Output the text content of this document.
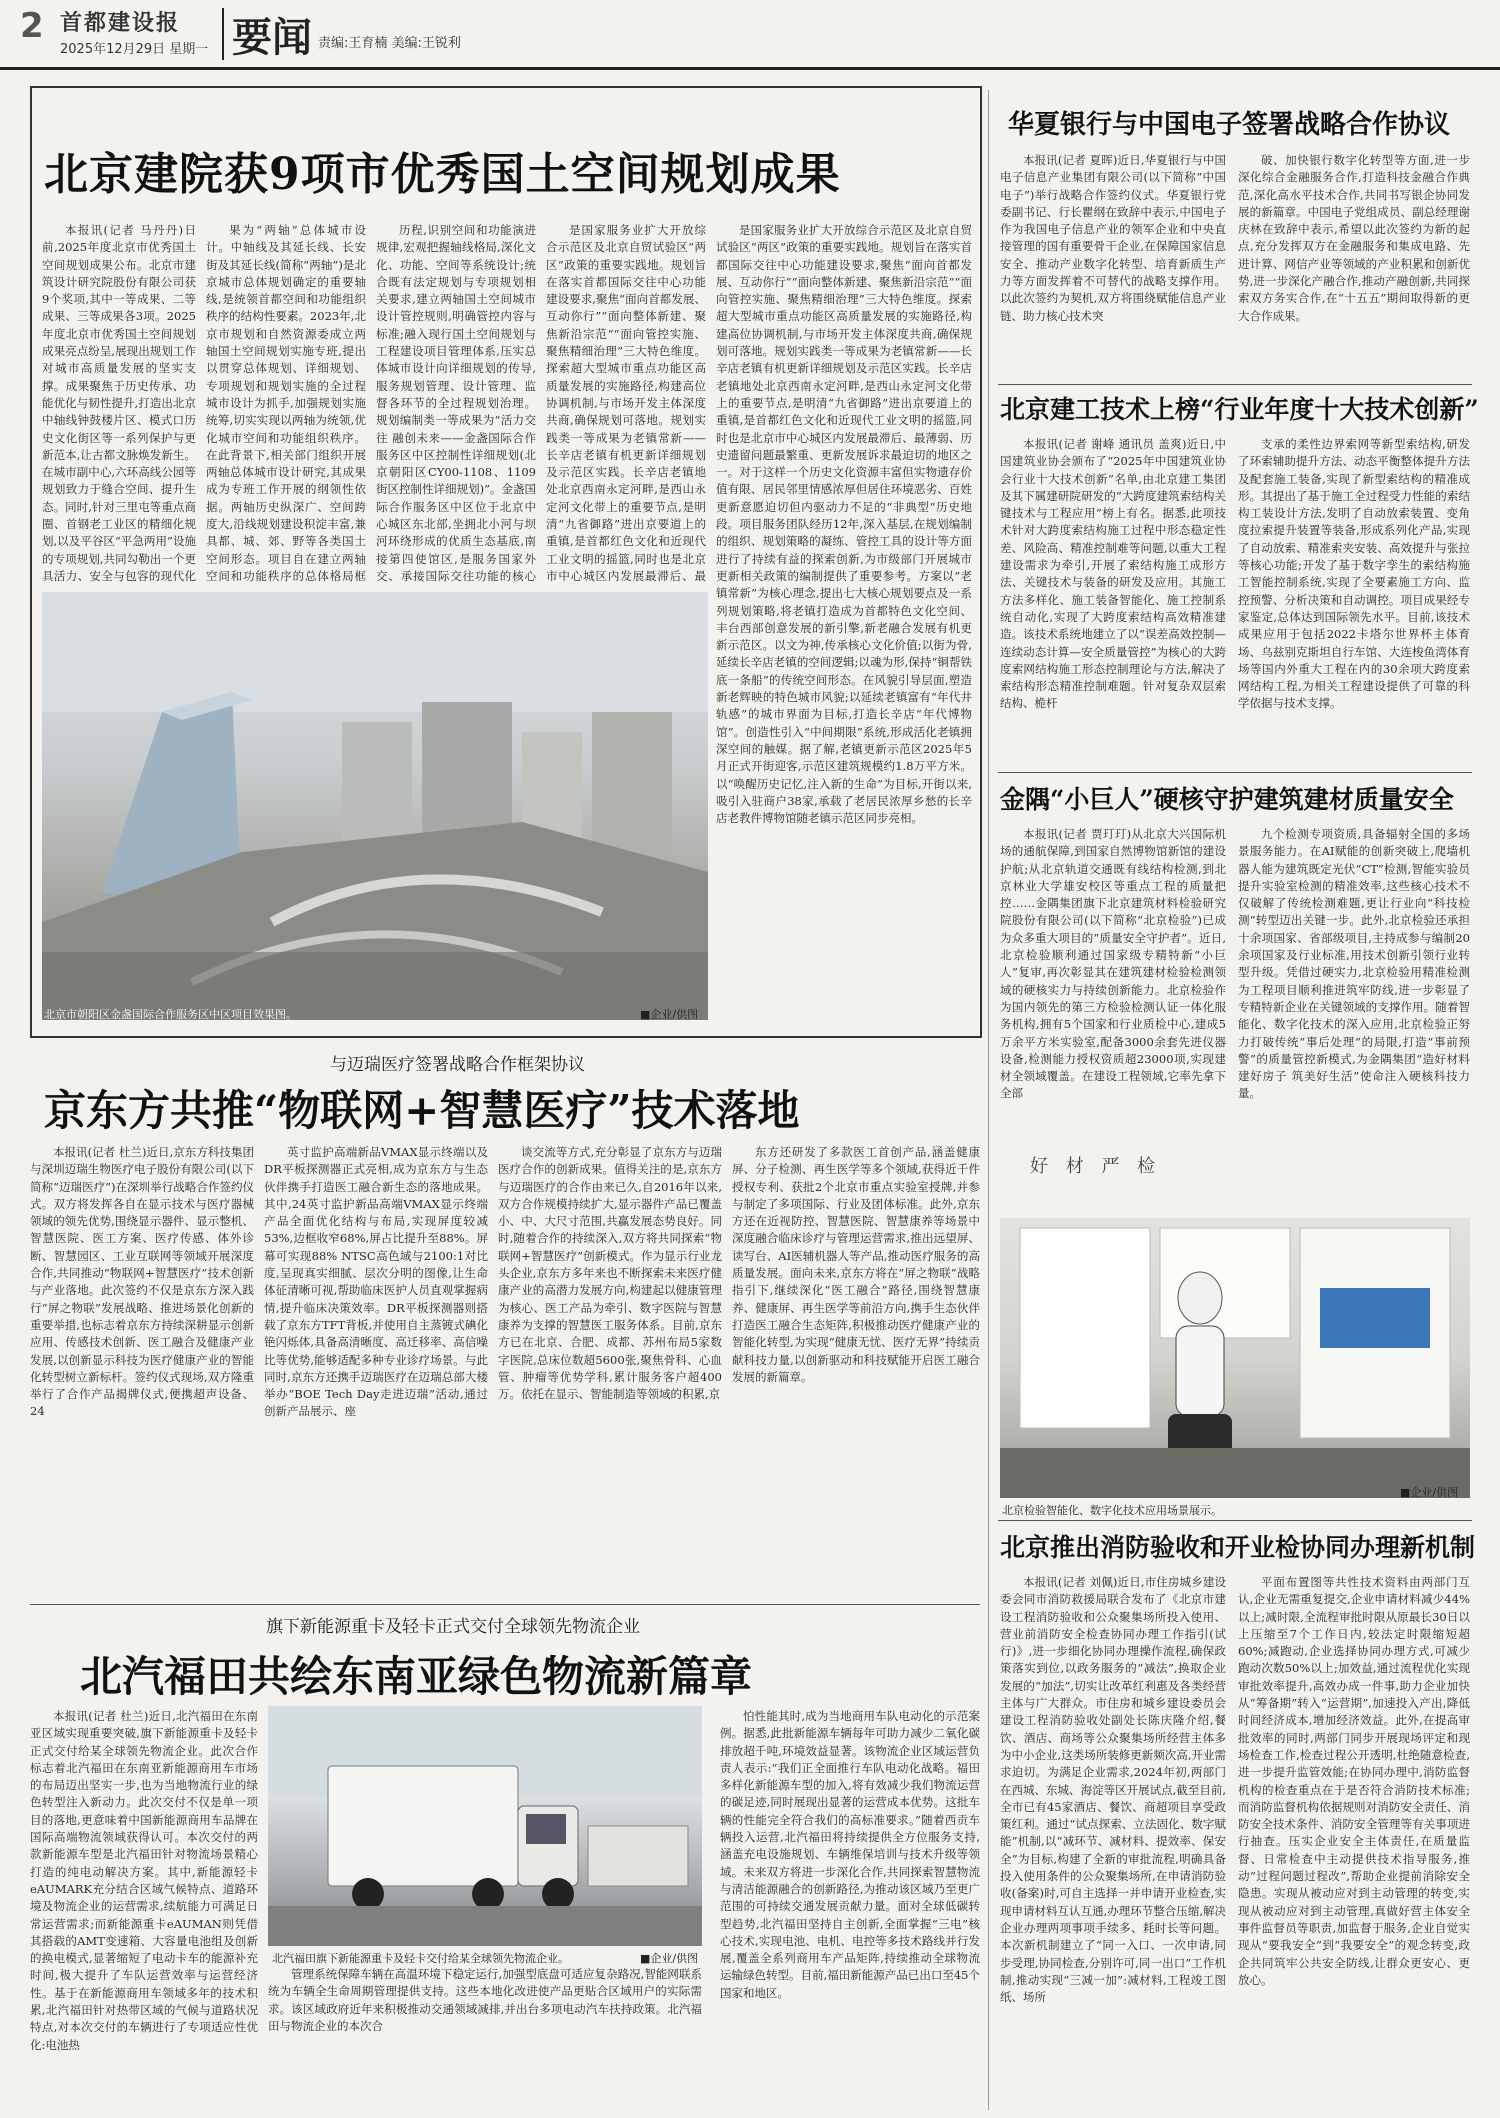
2 首都建设报
2025年12月29日 星期一 要闻 责编:王育楠 美编:王锐利
北京建院获9项市优秀国土空间规划成果

本报讯(记者 马丹丹)日前,2025年度北京市优秀国土空间规划成果公布。北京市建筑设计研究院股份有限公司获9个奖项,其中一等成果、二等成果、三等成果各3项。2025年度北京市优秀国土空间规划成果亮点纷呈,展现出规划工作对城市高质量发展的坚实支撑。成果聚焦于历史传承、功能优化与韧性提升,打造出北京中轴线钟鼓楼片区、模式口历史文化街区等一系列保护与更新范本,让古都文脉焕发新生。在城市副中心,六环高线公园等规划致力于缝合空间、提升生态。同时,针对三里屯等重点商圈、首钢老工业区的精细化规划,以及平谷区“平急两用”设施的专项规划,共同勾勒出一个更具活力、安全与包容的现代化

果为“两轴”总体城市设计。中轴线及其延长线、长安街及其延长线(简称“两轴”)是北京城市总体规划确定的重要轴线,是统领首都空间和功能组织秩序的结构性要素。2023年,北京市规划和自然资源委成立两轴国土空间规划实施专班,提出以贯穿总体规划、详细规划、专项规划和规划实施的全过程城市设计为抓手,加强规划实施统筹,切实实现以两轴为统领,优化城市空间和功能组织秩序。在此背景下,相关部门组织开展两轴总体城市设计研究,其成果成为专班工作开展的纲领性依据。两轴历史纵深广、空间跨度大,沿线规划建设积淀丰富,兼具都、城、郊、野等各类国土空间形态。项目自在建立两轴空间和功能秩序的总体格局框

历程,识别空间和功能演进规律,宏观把握轴线格局,深化文化、功能、空间等系统设计;统合既有法定规划与专项规划相关要求,建立两轴国土空间城市设计管控规则,明确管控内容与标准;融入现行国土空间规划与工程建设项目管理体系,压实总体城市设计向详细规划的传导,服务规划管理、设计管理、监督各环节的全过程规划治理。规划编制类一等成果为“活力交往 融创未来——金盏国际合作服务区中区控制性详细规划(北京朝阳区CY00-1108、1109街区控制性详细规划)”。金盏国际合作服务区中区位于北京中心城区东北部,坐拥北小河与坝河环绕形成的优质生态基底,南接第四使馆区,是服务国家外交、承接国际交往功能的核心

是国家服务业扩大开放综合示范区及北京自贸试验区“两区”政策的重要实践地。规划旨在落实首都国际交往中心功能建设要求,聚焦“面向首都发展、互动你行”“面向整体新建、聚焦新沿宗范”“面向管控实施、聚焦精细治理”三大特色维度。探索超大型城市重点功能区高质量发展的实施路径,构建高位协调机制,与市场开发主体深度共商,确保规划可落地。规划实践类一等成果为老镇常新——长辛店老镇有机更新详细规划及示范区实践。长辛店老镇地处北京西南永定河畔,是西山永定河文化带上的重要节点,是明清“九省御路”进出京要道上的重镇,是首都红色文化和近现代工业文明的摇篮,同时也是北京市中心城区内发展最滞后、最

是国家服务业扩大开放综合示范区及北京自贸试验区“两区”政策的重要实践地。规划旨在落实首都国际交往中心功能建设要求,聚焦“面向首都发展、互动你行”“面向整体新建、聚焦新沿宗范”“面向管控实施、聚焦精细治理”三大特色维度。探索超大型城市重点功能区高质量发展的实施路径,构建高位协调机制,与市场开发主体深度共商,确保规划可落地。规划实践类一等成果为老镇常新——长辛店老镇有机更新详细规划及示范区实践。长辛店老镇地处北京西南永定河畔,是西山永定河文化带上的重要节点,是明清“九省御路”进出京要道上的重镇,是首都红色文化和近现代工业文明的摇篮,同时也是北京市中心城区内发展最滞后、最薄弱、历史遗留问题最繁重、更新发展诉求最迫切的地区之一。对于这样一个历史文化资源丰富但实物遗存价值有限、居民邻里情感浓厚但居住环境恶劣、百姓更新意愿迫切但内驱动力不足的“非典型”历史地段。项目服务团队经历12年,深入基层,在规划编制的组织、规划策略的凝练、管控工具的设计等方面进行了持续有益的探索创新,为市级部门开展城市更新相关政策的编制提供了重要参考。方案以“老镇常新”为核心理念,提出七大核心规划要点及一系列规划策略,将老镇打造成为首都特色文化空间、丰台西部创意发展的新引擎,新老融合发展有机更新示范区。以文为神,传承核心文化价值;以街为骨,延续长辛店老镇的空间逻辑;以魂为形,保持“铜帮铁底一条船”的传统空间形态。在风貌引导层面,塑造新老辉映的特色城市风貌;以延续老镇富有“年代井轨感”的城市界面为目标,打造长辛店“年代博物馆”。创造性引入“中间期限”系统,形成活化老镇拥深空间的触媒。据了解,老镇更新示范区2025年5月正式开街迎客,示范区建筑规模约1.8万平方米。以“唤醒历史记忆,注入新的生命”为目标,开街以来,吸引入驻商户38家,承载了老居民浓厚乡愁的长辛店老教件博物馆随老镇示范区同步亮相。

北京市朝阳区金盏国际合作服务区中区项目效果图。	■企业/供图
华夏银行与中国电子签署战略合作协议

本报讯(记者 夏晖)近日,华夏银行与中国电子信息产业集团有限公司(以下简称“中国电子”)举行战略合作签约仪式。华夏银行党委副书记、行长瞿纲在致辞中表示,中国电子作为我国电子信息产业的领军企业和中央直接管理的国有重要骨干企业,在保障国家信息安全、推动产业数字化转型、培育新质生产力等方面发挥着不可替代的战略支撑作用。以此次签约为契机,双方将围绕赋能信息产业链、助力核心技术突

破、加快银行数字化转型等方面,进一步深化综合金融服务合作,打造科技金融合作典范,深化高水平技术合作,共同书写银企协同发展的新篇章。中国电子党组成员、副总经理谢庆林在致辞中表示,希望以此次签约为新的起点,充分发挥双方在金融服务和集成电路、先进计算、网信产业等领域的产业积累和创新优势,进一步深化产融合作,推动产融创新,共同探索双方务实合作,在“十五五”期间取得新的更大合作成果。

北京建工技术上榜“行业年度十大技术创新”

本报讯(记者 谢峰 通讯员 盖爽)近日,中国建筑业协会颁布了“2025年中国建筑业协会行业十大技术创新”名单,由北京建工集团及其下属建研院研发的“大跨度建筑索结构关键技术与工程应用”榜上有名。据悉,此项技术针对大跨度索结构施工过程中形态稳定性差、风险高、精准控制难等问题,以重大工程建设需求为牵引,开展了索结构施工成形方法、关键技术与装备的研发及应用。其施工方法多样化、施工装备智能化、施工控制系统自动化,实现了大跨度索结构高效精准建造。该技术系统地建立了以“误差高效控制—连续动态计算—安全质量管控”为核心的大跨度索网结构施工形态控制理论与方法,解决了索结构形态精准控制难题。针对复杂双层索结构、桅杆

支承的柔性边界索网等新型索结构,研发了环索辅助提升方法、动态平衡整体提升方法及配套施工装备,实现了新型索结构的精准成形。其提出了基于施工全过程受力性能的索结构工装设计方法,发明了自动放索装置、变角度拉索提升装置等装备,形成系列化产品,实现了自动放索、精准索夹安装、高效提升与张拉等核心功能;开发了基于数字孪生的索结构施工智能控制系统,实现了全要素施工方向、监控预警、分析决策和自动调控。项目成果经专家鉴定,总体达到国际领先水平。目前,该技术成果应用于包括2022卡塔尔世界杯主体育场、乌兹别克斯坦自行车馆、大连梭鱼湾体育场等国内外重大工程在内的30余项大跨度索网结构工程,为相关工程建设提供了可靠的科学依据与技术支撑。

金隅“小巨人”硬核守护建筑建材质量安全

本报讯(记者 贾玎玎)从北京大兴国际机场的通航保障,到国家自然博物馆新馆的建设护航;从北京轨道交通既有线结构检测,到北京林业大学雄安校区等重点工程的质量把控……金隅集团旗下北京建筑材料检验研究院股份有限公司(以下简称“北京检验”)已成为众多重大项目的“质量安全守护者”。近日,北京检验顺利通过国家级专精特新“小巨人”复审,再次彰显其在建筑建材检验检测领域的硬核实力与持续创新能力。北京检验作为国内领先的第三方检验检测认证一体化服务机构,拥有5个国家和行业质检中心,建成5万余平方米实验室,配备3000余套先进仪器设备,检测能力授权资质超23000项,实现建材全领域覆盖。在建设工程领域,它率先拿下全部

九个检测专项资质,具备辐射全国的多场景服务能力。在AI赋能的创新突破上,爬墙机器人能为建筑既定光伏“CT”检测,智能实验员提升实验室检测的精准效率,这些核心技术不仅破解了传统检测难题,更让行业向“科技检测”转型迈出关键一步。此外,北京检验还承担十余项国家、省部级项目,主持成参与编制20余项国家及行业标准,用技术创新引领行业转型升级。凭借过硬实力,北京检验用精准检测为工程项目顺利推进筑牢防线,进一步彰显了专精特新企业在关键领域的支撑作用。随着智能化、数字化技术的深入应用,北京检验正努力打破传统“事后处理”的局限,打造“事前预警”的质量管控新模式,为金隅集团“造好材料 建好房子 筑美好生活”使命注入硬核科技力量。

好 材 严 检
北京检验智能化、数字化技术应用场景展示。
■企业/供图
北京推出消防验收和开业检协同办理新机制

本报讯(记者 刘佩)近日,市住房城乡建设委会同市消防救援局联合发布了《北京市建设工程消防验收和公众聚集场所投入使用、营业前消防安全检查协同办理工作指引(试行)》,进一步细化协同办理操作流程,确保政策落实到位,以政务服务的“减法”,换取企业发展的“加法”,切实让改革红利惠及各类经营主体与广大群众。市住房和城乡建设委员会建设工程消防验收处副处长陈庆隆介绍,餐饮、酒店、商场等公众聚集场所经营主体多为中小企业,这类场所装修更新频次高,开业需求迫切。为满足企业需求,2024年初,两部门在西城、东城、海淀等区开展试点,截至目前,全市已有45家酒店、餐饮、商超项目享受政策红利。通过“试点探索、立法固化、数字赋能”机制,以“减环节、减材料、提效率、保安全”为目标,构建了全新的审批流程,明确具备投入使用条件的公众聚集场所,在申请消防验收(备案)时,可自主选择一并申请开业检查,实现申请材料互认互通,办理环节整合压缩,解决企业办理两项事项手续多、耗时长等问题。本次新机制建立了“同一入口、一次申请,同步受理,协同检查,分别许可,同一出口”工作机制,推动实现“三减一加”:减材料,工程竣工图纸、场所

平面布置图等共性技术资料由两部门互认,企业无需重复提交,企业申请材料减少44%以上;减时限,全流程审批时限从原最长30日以上压缩至7个工作日内,较法定时限缩短超60%;减跑动,企业选择协同办理方式,可减少跑动次数50%以上;加效益,通过流程优化实现审批效率提升,高效办成一件事,助力企业加快从“筹备期”转入“运营期”,加速投入产出,降低时间经济成本,增加经济效益。此外,在提高审批效率的同时,两部门同步开展现场评定和现场检查工作,检查过程公开透明,杜绝随意检查,进一步提升监管效能;在协同办理中,消防监督机构的检查重点在于是否符合消防技术标准;而消防监督机构依据规则对消防安全责任、消防安全技术条件、消防安全管理等有关事项进行抽查。压实企业安全主体责任,在质量监督、日常检查中主动提供技术指导服务,推动“过程问题过程改”,帮助企业提前消除安全隐患。实现从被动应对到主动管理的转变,实现从被动应对到主动管理,真做好营主体安全事件监督员等职责,加监督于服务,企业自觉实现从“要我安全”到“我要安全”的观念转变,政企共同筑牢公共安全防线,让群众更安心、更放心。

与迈瑞医疗签署战略合作框架协议
京东方共推“物联网+智慧医疗”技术落地

本报讯(记者 杜兰)近日,京东方科技集团与深圳迈瑞生物医疗电子股份有限公司(以下简称“迈瑞医疗”)在深圳举行战略合作签约仪式。双方将发挥各自在显示技术与医疗器械领域的领先优势,围绕显示器件、显示整机、智慧医院、医工方案、医疗传感、体外诊断、智慧园区、工业互联网等领域开展深度合作,共同推动“物联网+智慧医疗”技术创新与产业落地。此次签约不仅是京东方深入践行“屏之物联”发展战略、推进场景化创新的重要举措,也标志着京东方持续深耕显示创新应用、传感技术创新、医工融合及健康产业发展,以创新显示科技为医疗健康产业的智能化转型树立新标杆。签约仪式现场,双方隆重举行了合作产品揭牌仪式,便携超声设备、24

英寸监护高端新品VMAX显示终端以及DR平板探测器正式亮相,成为京东方与生态伙伴携手打造医工融合新生态的落地成果。其中,24英寸监护新品高端VMAX显示终端产品全面优化结构与布局,实现屏度较减53%,边框收窄68%,屏占比提升至88%。屏幕可实现88% NTSC高色域与2100:1对比度,呈现真实细腻、层次分明的图像,让生命体征清晰可视,帮助临床医护人员直观掌握病情,提升临床决策效率。DR平板探测器则搭载了京东方TFT背板,并使用自主蒸镀式碘化铯闪烁体,具备高清晰度、高迁移率、高信噪比等优势,能够适配多种专业诊疗场景。与此同时,京东方还携手迈瑞医疗在迈瑞总部大楼举办“BOE Tech Day走进迈瑞”活动,通过创新产品展示、座

谈交流等方式,充分彰显了京东方与迈瑞医疗合作的创新成果。值得关注的是,京东方与迈瑞医疗的合作由来已久,自2016年以来,双方合作规模持续扩大,显示器件产品已覆盖小、中、大尺寸范围,共赢发展态势良好。同时,随着合作的持续深入,双方将共同探索“物联网+智慧医疗”创新模式。作为显示行业龙头企业,京东方多年来也不断探索未来医疗健康产业的高潜力发展方向,构建起以健康管理为核心、医工产品为牵引、数字医院与智慧康养为支撑的智慧医工服务体系。目前,京东方已在北京、合肥、成都、苏州布局5家数字医院,总床位数超5600张,聚焦骨科、心血管、肿瘤等优势学科,累计服务客户超400万。依托在显示、智能制造等领域的积累,京

东方还研发了多款医工首创产品,涵盖健康屏、分子检测、再生医学等多个领域,获得近千件授权专利、获批2个北京市重点实验室授牌,并参与制定了多项国际、行业及团体标准。此外,京东方还在近视防控、智慧医院、智慧康养等场景中深度融合临床诊疗与管理运营需求,推出远望屏、读写台、AI医辅机器人等产品,推动医疗服务的高质量发展。面向未来,京东方将在“屏之物联”战略指引下,继续深化“医工融合”路径,围绕智慧康养、健康屏、再生医学等前沿方向,携手生态伙伴打造医工融合生态矩阵,积极推动医疗健康产业的智能化转型,为实现“健康无忧、医疗无界”持续贡献科技力量,以创新驱动和科技赋能开启医工融合发展的新篇章。

旗下新能源重卡及轻卡正式交付全球领先物流企业
北汽福田共绘东南亚绿色物流新篇章

本报讯(记者 杜兰)近日,北汽福田在东南亚区域实现重要突破,旗下新能源重卡及轻卡正式交付给某全球领先物流企业。此次合作标志着北汽福田在东南亚新能源商用车市场的布局迈出坚实一步,也为当地物流行业的绿色转型注入新动力。此次交付不仅是单一项目的落地,更意味着中国新能源商用车品牌在国际高端物流领域获得认可。本次交付的两款新能源车型是北汽福田针对物流场景精心打造的纯电动解决方案。其中,新能源轻卡eAUMARK充分结合区域气候特点、道路环境及物流企业的运营需求,续航能力可满足日常运营需求;而新能源重卡eAUMAN则凭借其搭载的AMT变速箱、大容量电池组及创新的换电模式,显著缩短了电动卡车的能源补充时间,极大提升了车队运营效率与运营经济性。基于在新能源商用车领域多年的技术积累,北汽福田针对热带区域的气候与道路状况特点,对本次交付的车辆进行了专项适应性优化:电池热

怕性能其时,成为当地商用车队电动化的示范案例。据悉,此批新能源车辆每年可助力减少二氧化碳排放超千吨,环境效益显著。该物流企业区域运营负责人表示:“我们正全面推行车队电动化战略。福田多样化新能源车型的加入,将有效减少我们物流运营的碳足迹,同时展现出显著的运营成本优势。这批车辆的性能完全符合我们的高标准要求。”随着西贡车辆投入运营,北汽福田将持续提供全方位服务支持,涵盖充电设施规划、车辆维保培训与技术升级等领域。未来双方将进一步深化合作,共同探索智慧物流与清洁能源融合的创新路径,为推动该区域乃至更广范围的可持续交通发展贡献力量。面对全球低碳转型趋势,北汽福田坚持自主创新,全面掌握“三电”核心技术,实现电池、电机、电控等多技术路线并行发展,覆盖全系列商用车产品矩阵,持续推动全球物流运输绿色转型。目前,福田新能源产品已出口至45个国家和地区。

管理系统保障车辆在高温环境下稳定运行,加强型底盘可适应复杂路况,智能网联系统为车辆全生命周期管理提供支持。这些本地化改进使产品更贴合区域用户的实际需求。该区域政府近年来积极推动交通领域减排,并出台多项电动汽车扶持政策。北汽福田与物流企业的本次合

北汽福田旗下新能源重卡及轻卡交付给某全球领先物流企业。	■企业/供图
